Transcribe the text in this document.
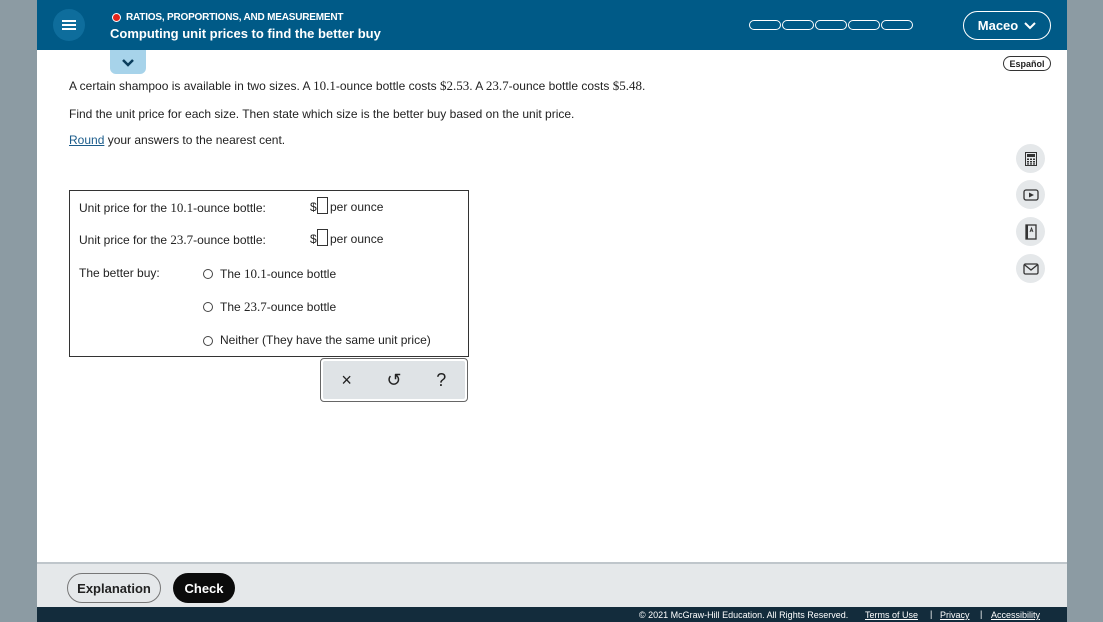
RATIOS, PROPORTIONS, AND MEASUREMENT
Computing unit prices to find the better buy
Maceo
Español
A certain shampoo is available in two sizes. A 10.1-ounce bottle costs $2.53. A 23.7-ounce bottle costs $5.48.
Find the unit price for each size. Then state which size is the better buy based on the unit price.
Round your answers to the nearest cent.
Unit price for the 10.1-ounce bottle:	$ per ounce
Unit price for the 23.7-ounce bottle:	$ per ounce
The better buy:	The 10.1-ounce bottle
The 23.7-ounce bottle
Neither (They have the same unit price)
×	↺	?
Explanation	Check
© 2021 McGraw-Hill Education. All Rights Reserved. Terms of Use | Privacy | Accessibility
